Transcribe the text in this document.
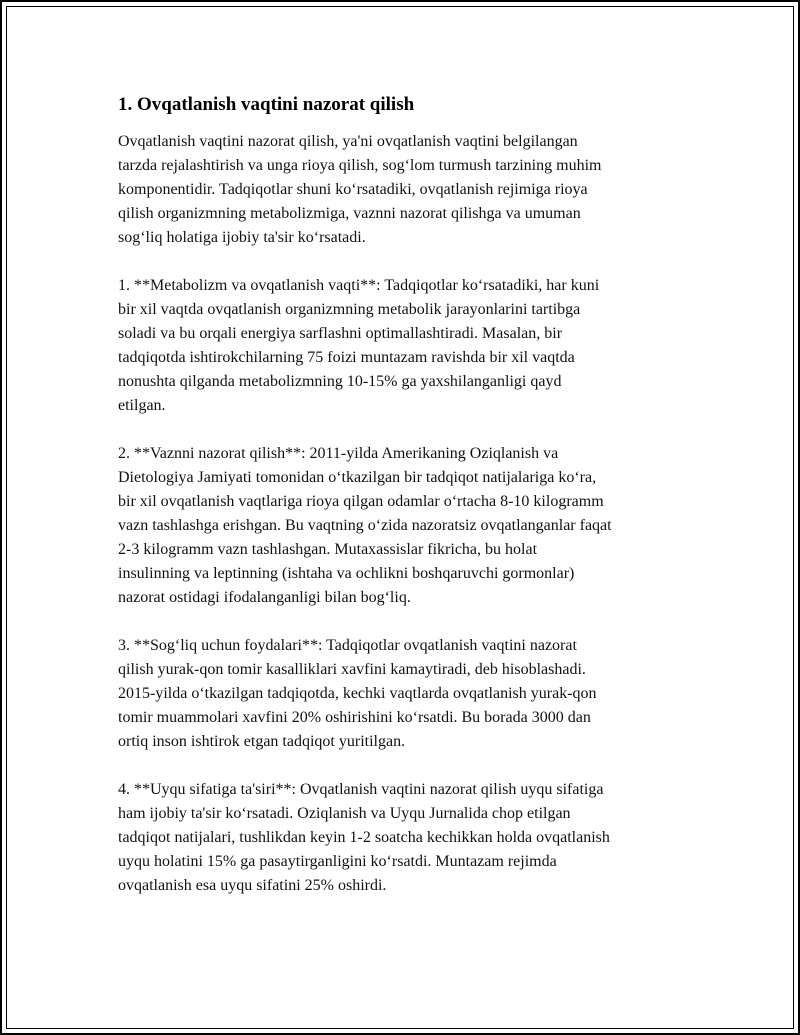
1. Ovqatlanish vaqtini nazorat qilish

Ovqatlanish vaqtini nazorat qilish, ya'ni ovqatlanish vaqtini belgilangan
tarzda rejalashtirish va unga rioya qilish, sog‘lom turmush tarzining muhim
komponentidir. Tadqiqotlar shuni ko‘rsatadiki, ovqatlanish rejimiga rioya
qilish organizmning metabolizmiga, vaznni nazorat qilishga va umuman
sog‘liq holatiga ijobiy ta'sir ko‘rsatadi.

1. **Metabolizm va ovqatlanish vaqti**: Tadqiqotlar ko‘rsatadiki, har kuni
bir xil vaqtda ovqatlanish organizmning metabolik jarayonlarini tartibga
soladi va bu orqali energiya sarflashni optimallashtiradi. Masalan, bir
tadqiqotda ishtirokchilarning 75 foizi muntazam ravishda bir xil vaqtda
nonushta qilganda metabolizmning 10-15% ga yaxshilanganligi qayd
etilgan.

2. **Vaznni nazorat qilish**: 2011-yilda Amerikaning Oziqlanish va
Dietologiya Jamiyati tomonidan o‘tkazilgan bir tadqiqot natijalariga ko‘ra,
bir xil ovqatlanish vaqtlariga rioya qilgan odamlar o‘rtacha 8-10 kilogramm
vazn tashlashga erishgan. Bu vaqtning o‘zida nazoratsiz ovqatlanganlar faqat
2-3 kilogramm vazn tashlashgan. Mutaxassislar fikricha, bu holat
insulinning va leptinning (ishtaha va ochlikni boshqaruvchi gormonlar)
nazorat ostidagi ifodalanganligi bilan bog‘liq.

3. **Sog‘liq uchun foydalari**: Tadqiqotlar ovqatlanish vaqtini nazorat
qilish yurak-qon tomir kasalliklari xavfini kamaytiradi, deb hisoblashadi.
2015-yilda o‘tkazilgan tadqiqotda, kechki vaqtlarda ovqatlanish yurak-qon
tomir muammolari xavfini 20% oshirishini ko‘rsatdi. Bu borada 3000 dan
ortiq inson ishtirok etgan tadqiqot yuritilgan.

4. **Uyqu sifatiga ta'siri**: Ovqatlanish vaqtini nazorat qilish uyqu sifatiga
ham ijobiy ta'sir ko‘rsatadi. Oziqlanish va Uyqu Jurnalida chop etilgan
tadqiqot natijalari, tushlikdan keyin 1-2 soatcha kechikkan holda ovqatlanish
uyqu holatini 15% ga pasaytirganligini ko‘rsatdi. Muntazam rejimda
ovqatlanish esa uyqu sifatini 25% oshirdi.
